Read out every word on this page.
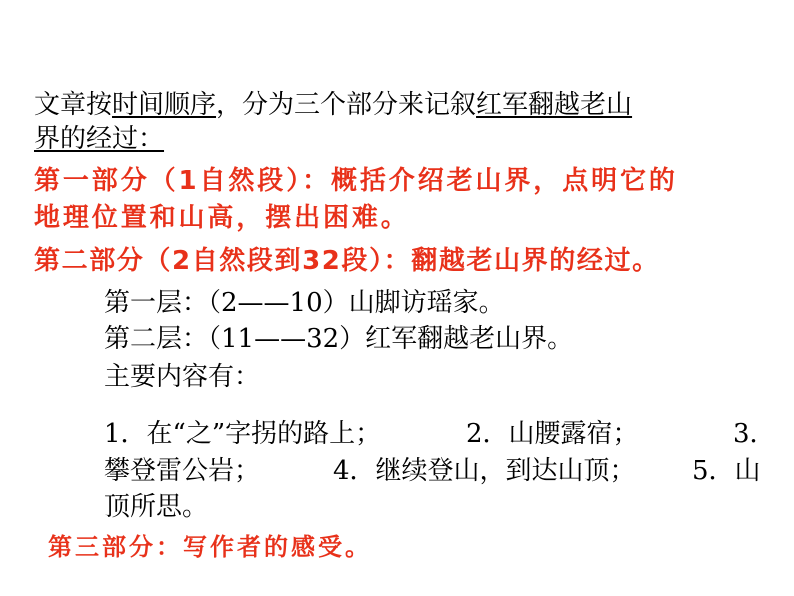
文章按时间顺序，分为三个部分来记叙红军翻越老山

界的经过：

第一部分（1自然段）：概括介绍老山界，点明它的

地理位置和山高，摆出困难。

第二部分（2自然段到32段）：翻越老山界的经过。

第一层：（2——10）山脚访瑶家。

第二层：（11——32）红军翻越老山界。

主要内容有：

1．在“之”字拐的路上；	2．山腰露宿；	3．

攀登雷公岩；	4．继续登山，到达山顶； 5．山

顶所思。

第三部分：写作者的感受。
